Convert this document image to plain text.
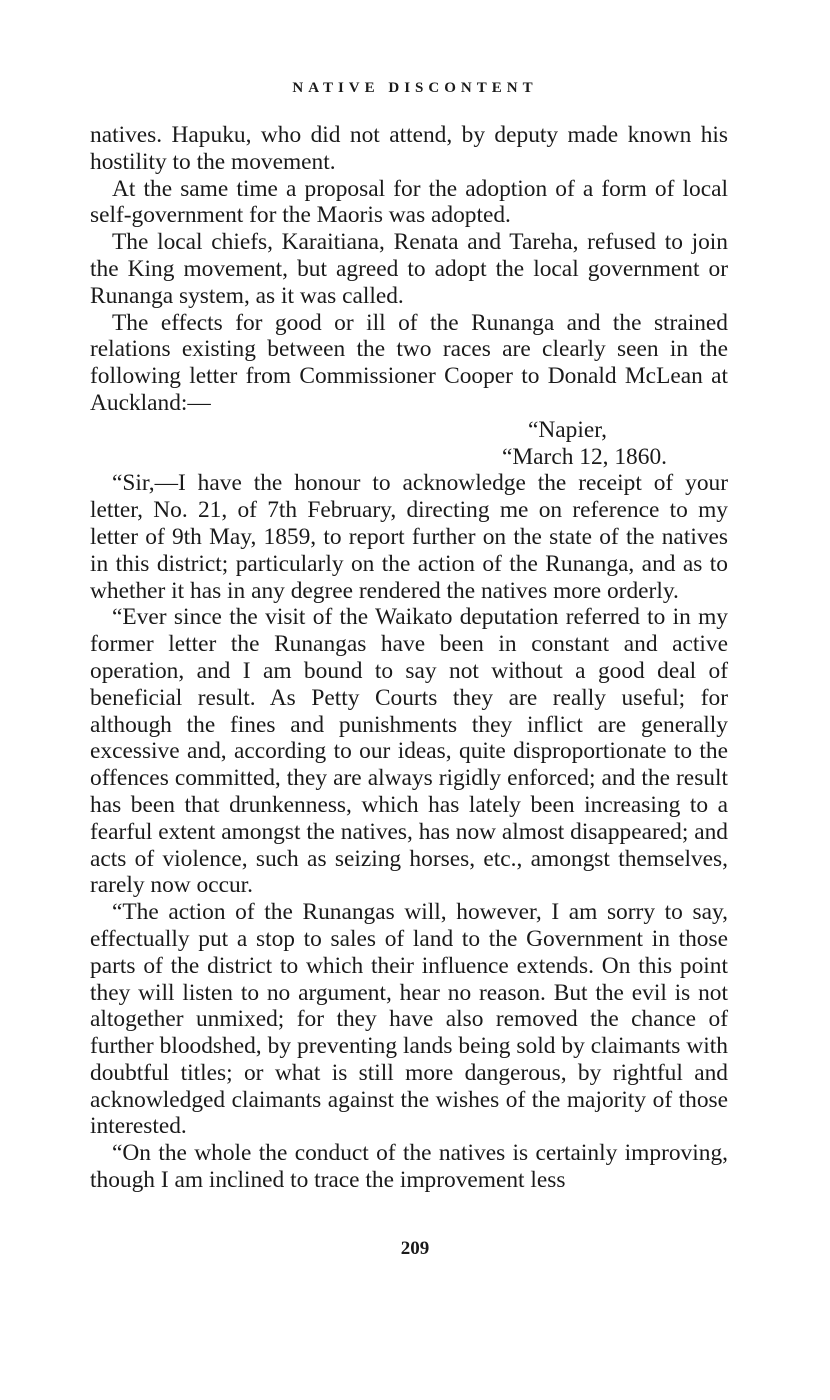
NATIVE DISCONTENT

natives. Hapuku, who did not attend, by deputy made known his hostility to the movement.

At the same time a proposal for the adoption of a form of local self-government for the Maoris was adopted.

The local chiefs, Karaitiana, Renata and Tareha, refused to join the King movement, but agreed to adopt the local government or Runanga system, as it was called.

The effects for good or ill of the Runanga and the strained relations existing between the two races are clearly seen in the following letter from Commissioner Cooper to Donald McLean at Auckland:—

“Napier,
“March 12, 1860.

“Sir,—I have the honour to acknowledge the receipt of your letter, No. 21, of 7th February, directing me on reference to my letter of 9th May, 1859, to report further on the state of the natives in this district; particularly on the action of the Runanga, and as to whether it has in any degree rendered the natives more orderly.

“Ever since the visit of the Waikato deputation referred to in my former letter the Runangas have been in constant and active operation, and I am bound to say not without a good deal of beneficial result. As Petty Courts they are really useful; for although the fines and punishments they inflict are generally excessive and, according to our ideas, quite disproportionate to the offences committed, they are always rigidly enforced; and the result has been that drunkenness, which has lately been increasing to a fearful extent amongst the natives, has now almost disappeared; and acts of violence, such as seizing horses, etc., amongst themselves, rarely now occur.

“The action of the Runangas will, however, I am sorry to say, effectually put a stop to sales of land to the Government in those parts of the district to which their influence extends. On this point they will listen to no argument, hear no reason. But the evil is not altogether unmixed; for they have also removed the chance of further bloodshed, by preventing lands being sold by claimants with doubtful titles; or what is still more dangerous, by rightful and acknowledged claimants against the wishes of the majority of those interested.

“On the whole the conduct of the natives is certainly improving, though I am inclined to trace the improvement less

209
